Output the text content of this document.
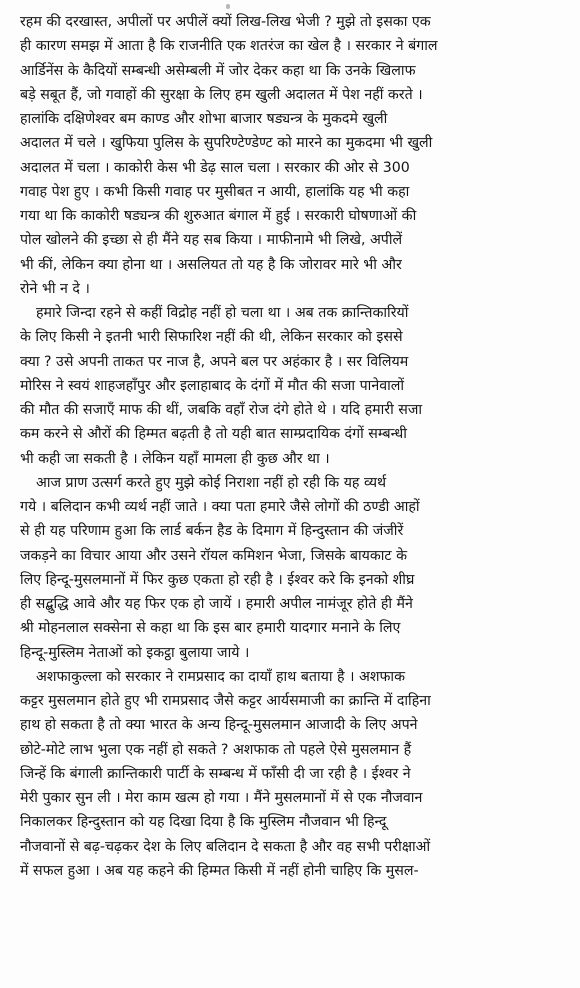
रहम की दरखास्त, अपीलों पर अपीलें क्यों लिख-लिख भेजी ? मुझे तो इसका एक
ही कारण समझ में आता है कि राजनीति एक शतरंज का खेल है । सरकार ने बंगाल
आर्डिनेंस के कैदियों सम्बन्धी असेम्बली में जोर देकर कहा था कि उनके खिलाफ
बड़े सबूत हैं, जो गवाहों की सुरक्षा के लिए हम खुली अदालत में पेश नहीं करते ।
हालांकि दक्षिणेश्वर बम काण्ड और शोभा बाजार षड्यन्त्र के मुकदमे खुली
अदालत में चले । खुफिया पुलिस के सुपरिण्टेण्डेण्ट को मारने का मुकदमा भी खुली
अदालत में चला । काकोरी केस भी डेढ़ साल चला । सरकार की ओर से 300
गवाह पेश हुए । कभी किसी गवाह पर मुसीबत न आयी, हालांकि यह भी कहा
गया था कि काकोरी षड्यन्त्र की शुरुआत बंगाल में हुई । सरकारी घोषणाओं की
पोल खोलने की इच्छा से ही मैंने यह सब किया । माफीनामे भी लिखे, अपीलें
भी कीं, लेकिन क्या होना था । असलियत तो यह है कि जोरावर मारे भी और
रोने भी न दे ।
हमारे जिन्दा रहने से कहीं विद्रोह नहीं हो चला था । अब तक क्रान्तिकारियों
के लिए किसी ने इतनी भारी सिफारिश नहीं की थी, लेकिन सरकार को इससे
क्या ? उसे अपनी ताकत पर नाज है, अपने बल पर अहंकार है । सर विलियम
मोरिस ने स्वयं शाहजहाँपुर और इलाहाबाद के दंगों में मौत की सजा पानेवालों
की मौत की सजाएँ माफ की थीं, जबकि वहाँ रोज दंगे होते थे । यदि हमारी सजा
कम करने से औरों की हिम्मत बढ़ती है तो यही बात साम्प्रदायिक दंगों सम्बन्धी
भी कही जा सकती है । लेकिन यहाँ मामला ही कुछ और था ।
आज प्राण उत्सर्ग करते हुए मुझे कोई निराशा नहीं हो रही कि यह व्यर्थ
गये । बलिदान कभी व्यर्थ नहीं जाते । क्या पता हमारे जैसे लोगों की ठण्डी आहों
से ही यह परिणाम हुआ कि लार्ड बर्कन हैड के दिमाग में हिन्दुस्तान की जंजीरें
जकड़ने का विचार आया और उसने रॉयल कमिशन भेजा, जिसके बायकाट के
लिए हिन्दू-मुसलमानों में फिर कुछ एकता हो रही है । ईश्वर करे कि इनको शीघ्र
ही सद्बुद्धि आवे और यह फिर एक हो जायें । हमारी अपील नामंजूर होते ही मैंने
श्री मोहनलाल सक्सेना से कहा था कि इस बार हमारी यादगार मनाने के लिए
हिन्दू-मुस्लिम नेताओं को इकट्ठा बुलाया जाये ।
अशफाकुल्ला को सरकार ने रामप्रसाद का दायाँ हाथ बताया है । अशफाक
कट्टर मुसलमान होते हुए भी रामप्रसाद जैसे कट्टर आर्यसमाजी का क्रान्ति में दाहिना
हाथ हो सकता है तो क्या भारत के अन्य हिन्दू-मुसलमान आजादी के लिए अपने
छोटे-मोटे लाभ भुला एक नहीं हो सकते ? अशफाक तो पहले ऐसे मुसलमान हैं
जिन्हें कि बंगाली क्रान्तिकारी पार्टी के सम्बन्ध में फाँसी दी जा रही है । ईश्वर ने
मेरी पुकार सुन ली । मेरा काम खत्म हो गया । मैंने मुसलमानों में से एक नौजवान
निकालकर हिन्दुस्तान को यह दिखा दिया है कि मुस्लिम नौजवान भी हिन्दू
नौजवानों से बढ़-चढ़कर देश के लिए बलिदान दे सकता है और वह सभी परीक्षाओं
में सफल हुआ । अब यह कहने की हिम्मत किसी में नहीं होनी चाहिए कि मुसल-
